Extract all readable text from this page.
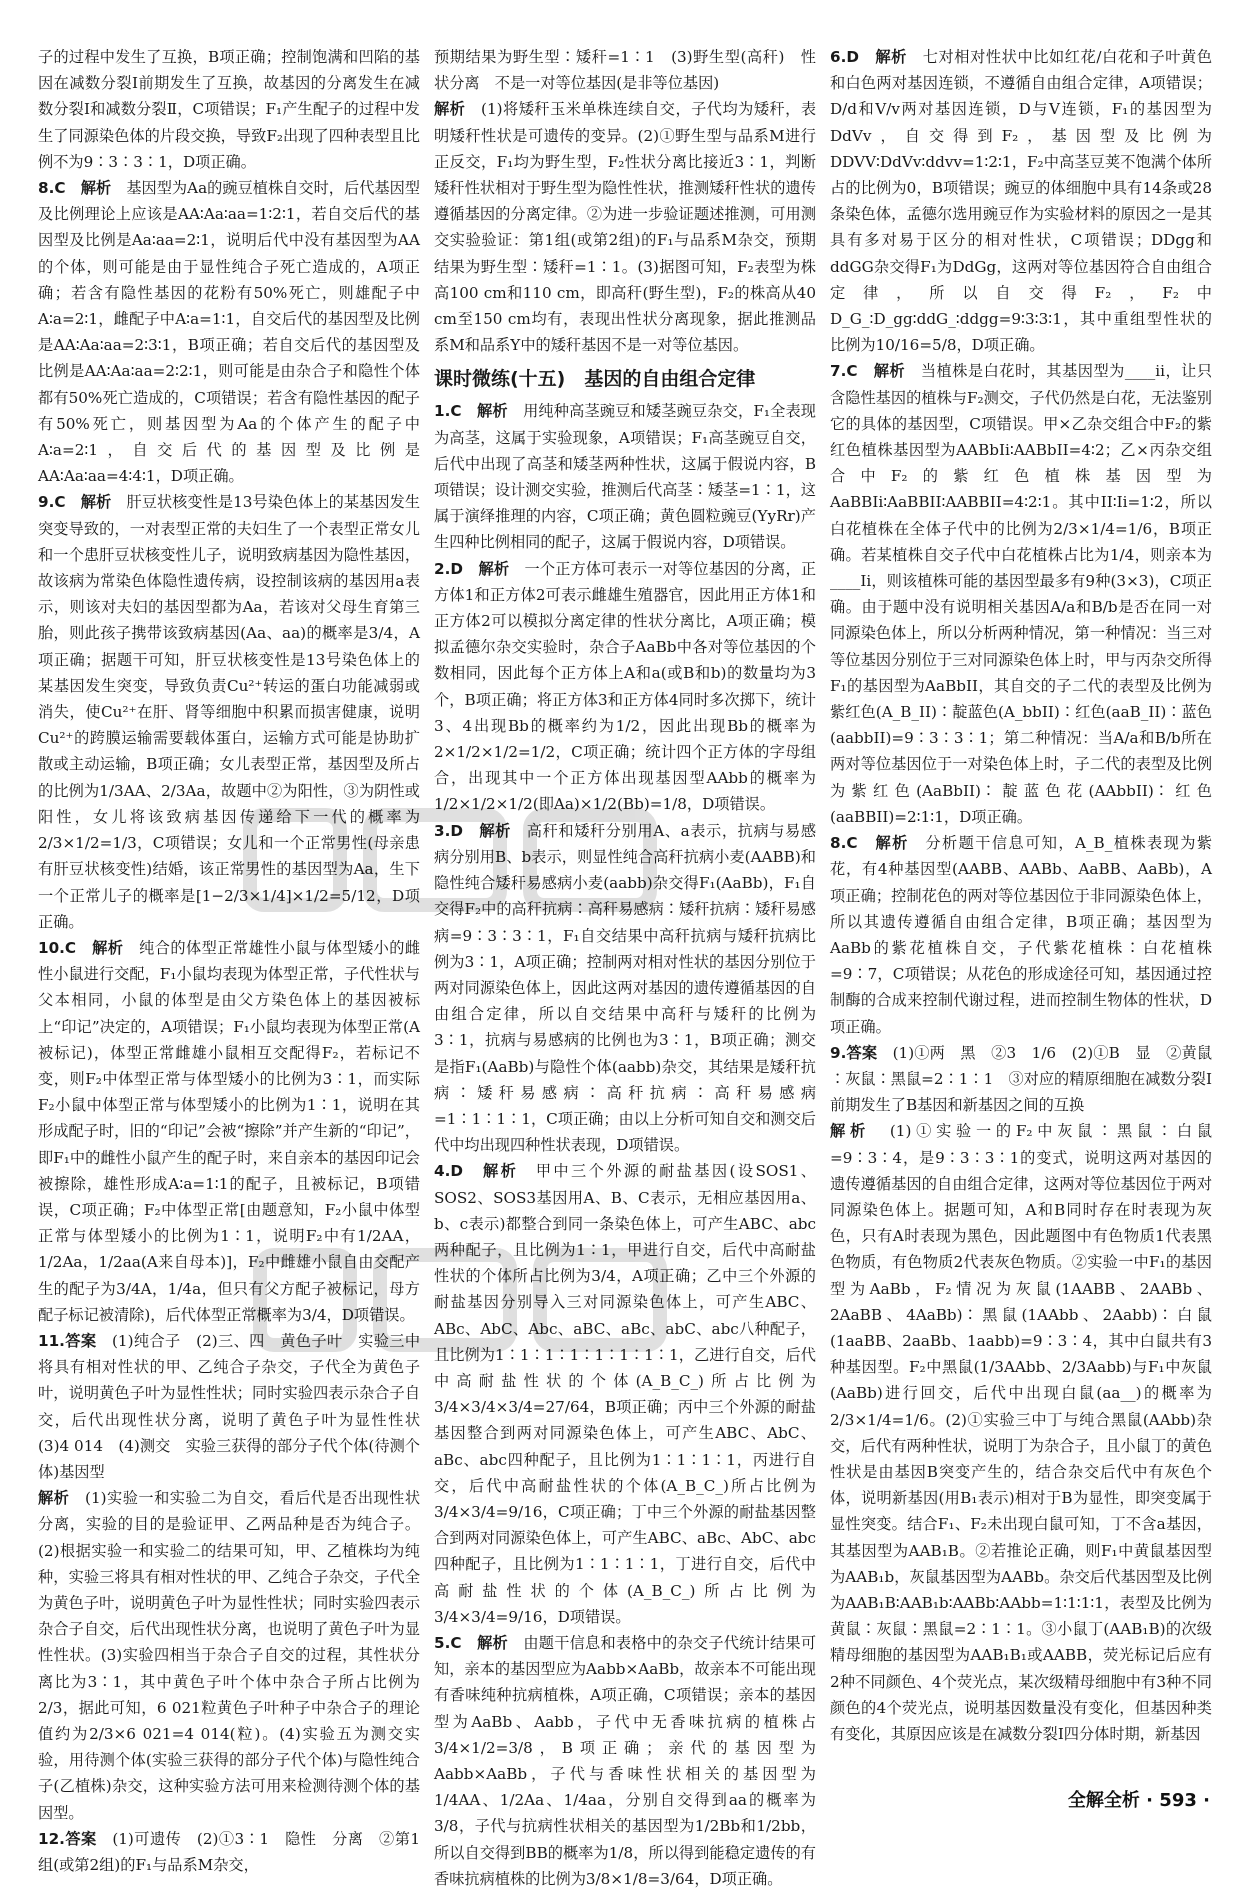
子的过程中发生了互换，B项正确；控制饱满和凹陷的基因在减数分裂Ⅰ前期发生了互换，故基因的分离发生在减数分裂Ⅰ和减数分裂Ⅱ，C项错误；F₁产生配子的过程中发生了同源染色体的片段交换，导致F₂出现了四种表型且比例不为9∶3∶3∶1，D项正确。

8.C　 解析　 基因型为Aa的豌豆植株自交时，后代基因型及比例理论上应该是AA∶Aa∶aa=1∶2∶1，若自交后代的基因型及比例是Aa∶aa=2∶1，说明后代中没有基因型为AA的个体，则可能是由于显性纯合子死亡造成的，A项正确；若含有隐性基因的花粉有50%死亡，则雄配子中A∶a=2∶1，雌配子中A∶a=1∶1，自交后代的基因型及比例是AA∶Aa∶aa=2∶3∶1，B项正确；若自交后代的基因型及比例是AA∶Aa∶aa=2∶2∶1，则可能是由杂合子和隐性个体都有50%死亡造成的，C项错误；若含有隐性基因的配子有50%死亡，则基因型为Aa的个体产生的配子中A∶a=2∶1，自交后代的基因型及比例是AA∶Aa∶aa=4∶4∶1，D项正确。

9.C　 解析　 肝豆状核变性是13号染色体上的某基因发生突变导致的，一对表型正常的夫妇生了一个表型正常女儿和一个患肝豆状核变性儿子，说明致病基因为隐性基因，故该病为常染色体隐性遗传病，设控制该病的基因用a表示，则该对夫妇的基因型都为Aa，若该对父母生育第三胎，则此孩子携带该致病基因(Aa、aa)的概率是3/4，A项正确；据题干可知，肝豆状核变性是13号染色体上的某基因发生突变，导致负责Cu²⁺转运的蛋白功能减弱或消失，使Cu²⁺在肝、肾等细胞中积累而损害健康，说明Cu²⁺的跨膜运输需要载体蛋白，运输方式可能是协助扩散或主动运输，B项正确；女儿表型正常，基因型及所占的比例为1/3AA、2/3Aa，故题中②为阳性，③为阴性或阳性，女儿将该致病基因传递给下一代的概率为2/3×1/2=1/3，C项错误；女儿和一个正常男性(母亲患有肝豆状核变性)结婚，该正常男性的基因型为Aa，生下一个正常儿子的概率是[1−2/3×1/4]×1/2=5/12，D项正确。

10.C　 解析　 纯合的体型正常雄性小鼠与体型矮小的雌性小鼠进行交配，F₁小鼠均表现为体型正常，子代性状与父本相同，小鼠的体型是由父方染色体上的基因被标上“印记”决定的，A项错误；F₁小鼠均表现为体型正常(A被标记)，体型正常雌雄小鼠相互交配得F₂，若标记不变，则F₂中体型正常与体型矮小的比例为3∶1，而实际F₂小鼠中体型正常与体型矮小的比例为1∶1，说明在其形成配子时，旧的“印记”会被“擦除”并产生新的“印记”，即F₁中的雌性小鼠产生的配子时，来自亲本的基因印记会被擦除，雄性形成A∶a=1∶1的配子，且被标记，B项错误，C项正确；F₂中体型正常[由题意知，F₂小鼠中体型正常与体型矮小的比例为1∶1，说明F₂中有1/2AA，1/2Aa，1/2aa(A来自母本)]，F₂中雌雄小鼠自由交配产生的配子为3/4A，1/4a，但只有父方配子被标记，母方配子标记被清除)，后代体型正常概率为3/4，D项错误。

11.答案　 (1)纯合子　(2)三、四　黄色子叶　实验三中将具有相对性状的甲、乙纯合子杂交，子代全为黄色子叶，说明黄色子叶为显性性状；同时实验四表示杂合子自交，后代出现性状分离，说明了黄色子叶为显性性状　(3)4 014　(4)测交　实验三获得的部分子代个体(待测个体)基因型

解析　 (1)实验一和实验二为自交，看后代是否出现性状分离，实验的目的是验证甲、乙两品种是否为纯合子。(2)根据实验一和实验二的结果可知，甲、乙植株均为纯种，实验三将具有相对性状的甲、乙纯合子杂交，子代全为黄色子叶，说明黄色子叶为显性性状；同时实验四表示杂合子自交，后代出现性状分离，也说明了黄色子叶为显性性状。(3)实验四相当于杂合子自交的过程，其性状分离比为3∶1，其中黄色子叶个体中杂合子所占比例为2/3，据此可知，6 021粒黄色子叶种子中杂合子的理论值约为2/3×6 021=4 014(粒)。(4)实验五为测交实验，用待测个体(实验三获得的部分子代个体)与隐性纯合子(乙植株)杂交，这种实验方法可用来检测待测个体的基因型。

12.答案　 (1)可遗传　(2)①3∶1　隐性　分离　②第1组(或第2组)的F₁与品系M杂交，

预期结果为野生型∶矮秆=1∶1　(3)野生型(高秆)　性状分离　不是一对等位基因(是非等位基因)

解析　 (1)将矮秆玉米单株连续自交，子代均为矮秆，表明矮秆性状是可遗传的变异。(2)①野生型与品系M进行正反交，F₁均为野生型，F₂性状分离比接近3∶1，判断矮秆性状相对于野生型为隐性性状，推测矮秆性状的遗传遵循基因的分离定律。②为进一步验证题述推测，可用测交实验验证：第1组(或第2组)的F₁与品系M杂交，预期结果为野生型∶矮秆=1∶1。(3)据图可知，F₂表型为株高100 cm和110 cm，即高秆(野生型)，F₂的株高从40 cm至150 cm均有，表现出性状分离现象，据此推测品系M和品系Y中的矮秆基因不是一对等位基因。

课时微练(十五)　基因的自由组合定律

1.C　 解析　 用纯种高茎豌豆和矮茎豌豆杂交，F₁全表现为高茎，这属于实验现象，A项错误；F₁高茎豌豆自交，后代中出现了高茎和矮茎两种性状，这属于假说内容，B项错误；设计测交实验，推测后代高茎∶矮茎=1∶1，这属于演绎推理的内容，C项正确；黄色圆粒豌豆(YyRr)产生四种比例相同的配子，这属于假说内容，D项错误。

2.D　 解析　 一个正方体可表示一对等位基因的分离，正方体1和正方体2可表示雌雄生殖器官，因此用正方体1和正方体2可以模拟分离定律的性状分离比，A项正确；模拟孟德尔杂交实验时，杂合子AaBb中各对等位基因的个数相同，因此每个正方体上A和a(或B和b)的数量均为3个，B项正确；将正方体3和正方体4同时多次掷下，统计3、4出现Bb的概率约为1/2，因此出现Bb的概率为2×1/2×1/2=1/2，C项正确；统计四个正方体的字母组合，出现其中一个正方体出现基因型AAbb的概率为1/2×1/2×1/2(即Aa)×1/2(Bb)=1/8，D项错误。

3.D　 解析　 高秆和矮秆分别用A、a表示，抗病与易感病分别用B、b表示，则显性纯合高秆抗病小麦(AABB)和隐性纯合矮秆易感病小麦(aabb)杂交得F₁(AaBb)，F₁自交得F₂中的高秆抗病∶高秆易感病∶矮秆抗病∶矮秆易感病=9∶3∶3∶1，F₁自交结果中高秆抗病与矮秆抗病比例为3∶1，A项正确；控制两对相对性状的基因分别位于两对同源染色体上，因此这两对基因的遗传遵循基因的自由组合定律，所以自交结果中高秆与矮秆的比例为3∶1，抗病与易感病的比例也为3∶1，B项正确；测交是指F₁(AaBb)与隐性个体(aabb)杂交，其结果是矮秆抗病∶矮秆易感病∶高秆抗病∶高秆易感病=1∶1∶1∶1，C项正确；由以上分析可知自交和测交后代中均出现四种性状表现，D项错误。

4.D　 解析　 甲中三个外源的耐盐基因(设SOS1、SOS2、SOS3基因用A、B、C表示，无相应基因用a、b、c表示)都整合到同一条染色体上，可产生ABC、abc两种配子，且比例为1∶1，甲进行自交，后代中高耐盐性状的个体所占比例为3/4，A项正确；乙中三个外源的耐盐基因分别导入三对同源染色体上，可产生ABC、ABc、AbC、Abc、aBC、aBc、abC、abc八种配子，且比例为1∶1∶1∶1∶1∶1∶1∶1，乙进行自交，后代中高耐盐性状的个体(A_B_C_)所占比例为3/4×3/4×3/4=27/64，B项正确；丙中三个外源的耐盐基因整合到两对同源染色体上，可产生ABC、AbC、aBc、abc四种配子，且比例为1∶1∶1∶1，丙进行自交，后代中高耐盐性状的个体(A_B_C_)所占比例为3/4×3/4=9/16，C项正确；丁中三个外源的耐盐基因整合到两对同源染色体上，可产生ABC、aBc、AbC、abc四种配子，且比例为1∶1∶1∶1，丁进行自交，后代中高耐盐性状的个体(A_B_C_)所占比例为3/4×3/4=9/16，D项错误。

5.C　 解析　 由题干信息和表格中的杂交子代统计结果可知，亲本的基因型应为Aabb×AaBb，故亲本不可能出现有香味纯种抗病植株，A项正确，C项错误；亲本的基因型为AaBb、Aabb，子代中无香味抗病的植株占3/4×1/2=3/8，B项正确；亲代的基因型为Aabb×AaBb，子代与香味性状相关的基因型为1/4AA、1/2Aa、1/4aa，分别自交得到aa的概率为3/8，子代与抗病性状相关的基因型为1/2Bb和1/2bb，所以自交得到BB的概率为1/8，所以得到能稳定遗传的有香味抗病植株的比例为3/8×1/8=3/64，D项正确。

6.D　 解析　 七对相对性状中比如红花/白花和子叶黄色和白色两对基因连锁，不遵循自由组合定律，A项错误；D/d和V/v两对基因连锁，D与V连锁，F₁的基因型为DdVv，自交得到F₂，基因型及比例为DDVV∶DdVv∶ddvv=1∶2∶1，F₂中高茎豆荚不饱满个体所占的比例为0，B项错误；豌豆的体细胞中具有14条或28条染色体，孟德尔选用豌豆作为实验材料的原因之一是其具有多对易于区分的相对性状，C项错误；DDgg和ddGG杂交得F₁为DdGg，这两对等位基因符合自由组合定律，所以自交得F₂，F₂中D_G_∶D_gg∶ddG_∶ddgg=9∶3∶3∶1，其中重组型性状的比例为10/16=5/8，D项正确。

7.C　 解析　 当植株是白花时，其基因型为____ii，让只含隐性基因的植株与F₂测交，子代仍然是白花，无法鉴别它的具体的基因型，C项错误。甲×乙杂交组合中F₂的紫红色植株基因型为AABbIi∶AABbII=4∶2；乙×丙杂交组合中F₂的紫红色植株基因型为AaBBIi∶AaBBII∶AABBII=4∶2∶1。其中II∶Ii=1∶2，所以白花植株在全体子代中的比例为2/3×1/4=1/6，B项正确。若某植株自交子代中白花植株占比为1/4，则亲本为____Ii，则该植株可能的基因型最多有9种(3×3)，C项正确。由于题中没有说明相关基因A/a和B/b是否在同一对同源染色体上，所以分析两种情况，第一种情况：当三对等位基因分别位于三对同源染色体上时，甲与丙杂交所得F₁的基因型为AaBbII，其自交的子二代的表型及比例为紫红色(A_B_II)∶靛蓝色(A_bbII)∶红色(aaB_II)∶蓝色(aabbII)=9∶3∶3∶1；第二种情况：当A/a和B/b所在两对等位基因位于一对染色体上时，子二代的表型及比例为紫红色(AaBbII)∶靛蓝色花(AAbbII)∶红色(aaBBII)=2∶1∶1，D项正确。

8.C　 解析　 分析题干信息可知，A_B_植株表现为紫花，有4种基因型(AABB、AABb、AaBB、AaBb)，A项正确；控制花色的两对等位基因位于非同源染色体上，所以其遗传遵循自由组合定律，B项正确；基因型为AaBb的紫花植株自交，子代紫花植株∶白花植株=9∶7，C项错误；从花色的形成途径可知，基因通过控制酶的合成来控制代谢过程，进而控制生物体的性状，D项正确。

9.答案　 (1)①两　黑　②3　1/6　(2)①B　显　②黄鼠∶灰鼠∶黑鼠=2∶1∶1　③对应的精原细胞在减数分裂Ⅰ前期发生了B基因和新基因之间的互换

解析　 (1)①实验一的F₂中灰鼠∶黑鼠∶白鼠=9∶3∶4，是9∶3∶3∶1的变式，说明这两对基因的遗传遵循基因的自由组合定律，这两对等位基因位于两对同源染色体上。据题可知，A和B同时存在时表现为灰色，只有A时表现为黑色，因此题图中有色物质1代表黑色物质，有色物质2代表灰色物质。②实验一中F₁的基因型为AaBb，F₂情况为灰鼠(1AABB、2AABb、2AaBB、4AaBb)∶黑鼠(1AAbb、2Aabb)∶白鼠(1aaBB、2aaBb、1aabb)=9∶3∶4，其中白鼠共有3种基因型。F₂中黑鼠(1/3AAbb、2/3Aabb)与F₁中灰鼠(AaBb)进行回交，后代中出现白鼠(aa__)的概率为2/3×1/4=1/6。(2)①实验三中丁与纯合黑鼠(AAbb)杂交，后代有两种性状，说明丁为杂合子，且小鼠丁的黄色性状是由基因B突变产生的，结合杂交后代中有灰色个体，说明新基因(用B₁表示)相对于B为显性，即突变属于显性突变。结合F₁、F₂未出现白鼠可知，丁不含a基因，其基因型为AAB₁B。②若推论正确，则F₁中黄鼠基因型为AAB₁b，灰鼠基因型为AABb。杂交后代基因型及比例为AAB₁B∶AAB₁b∶AABb∶AAbb=1∶1∶1∶1，表型及比例为黄鼠∶灰鼠∶黑鼠=2∶1∶1。③小鼠丁(AAB₁B)的次级精母细胞的基因型为AAB₁B₁或AABB，荧光标记后应有2种不同颜色、4个荧光点，某次级精母细胞中有3种不同颜色的4个荧光点，说明基因数量没有变化，但基因种类有变化，其原因应该是在减数分裂Ⅰ四分体时期，新基因

全解全析 · 593 ·
